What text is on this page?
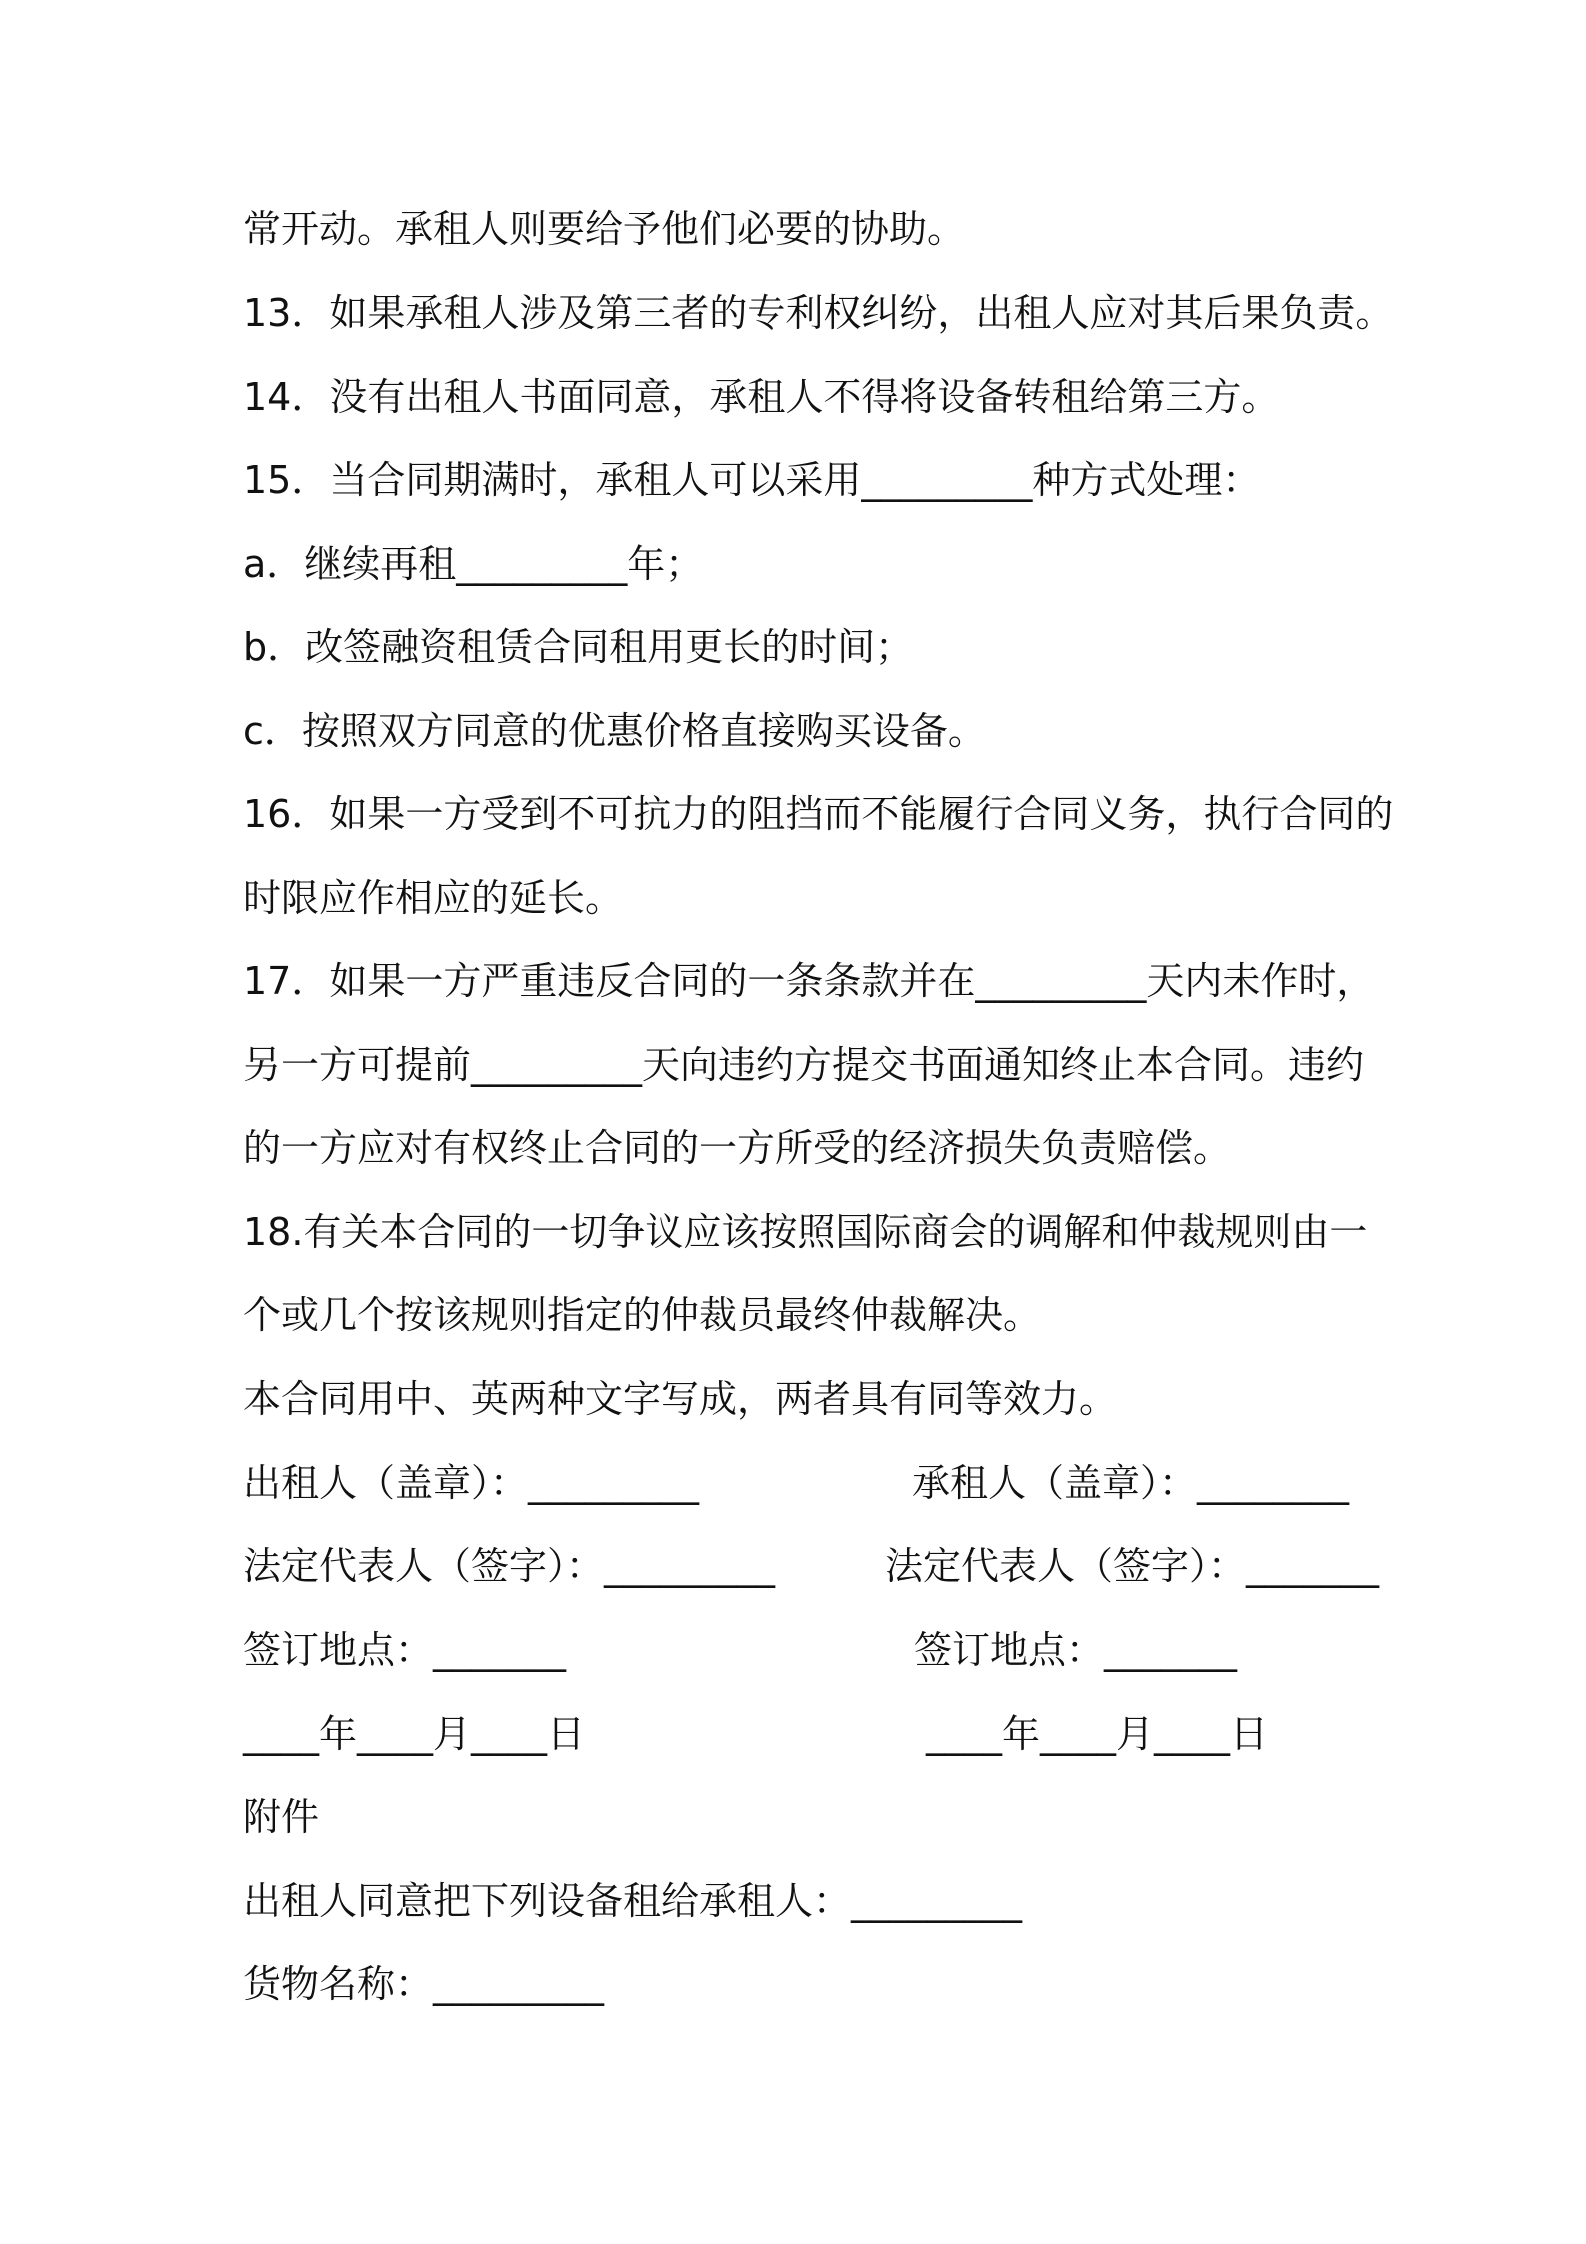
常开动。承租人则要给予他们必要的协助。
13．如果承租人涉及第三者的专利权纠纷，出租人应对其后果负责。
14．没有出租人书面同意，承租人不得将设备转租给第三方。
15．当合同期满时，承租人可以采用_________种方式处理：
a．继续再租_________年；
b．改签融资租赁合同租用更长的时间；
c．按照双方同意的优惠价格直接购买设备。
16．如果一方受到不可抗力的阻挡而不能履行合同义务，执行合同的
时限应作相应的延长。
17．如果一方严重违反合同的一条条款并在_________天内未作时，
另一方可提前_________天向违约方提交书面通知终止本合同。违约
的一方应对有权终止合同的一方所受的经济损失负责赔偿。
18.有关本合同的一切争议应该按照国际商会的调解和仲裁规则由一
个或几个按该规则指定的仲裁员最终仲裁解决。
本合同用中、英两种文字写成，两者具有同等效力。
出租人（盖章）：_________	承租人（盖章）：________
法定代表人（签字）：_________	法定代表人（签字）：_______
签订地点：_______	签订地点：_______
____年____月____日	____年____月____日
附件
出租人同意把下列设备租给承租人：_________
货物名称：_________
